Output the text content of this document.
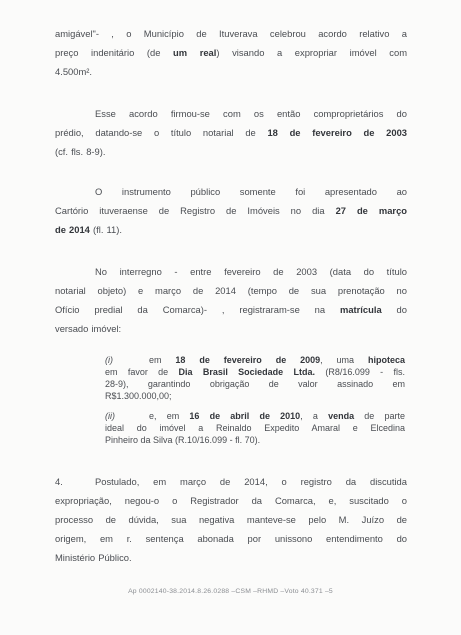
amigável"- , o Município de Ituverava celebrou acordo relativo a
preço indenitário (de um real) visando a expropriar imóvel com
4.500m².
Esse acordo firmou-se com os então comproprietários do
prédio, datando-se o título notarial de 18 de fevereiro de 2003
(cf. fls. 8-9).
O instrumento público somente foi apresentado ao
Cartório ituveraense de Registro de Imóveis no dia 27 de março
de 2014 (fl. 11).
No interregno - entre fevereiro de 2003 (data do título
notarial objeto) e março de 2014 (tempo de sua prenotação no
Ofício predial da Comarca)- , registraram-se na matrícula do
versado imóvel:
(i)	em 18 de fevereiro de 2009, uma hipoteca
em favor de Dia Brasil Sociedade Ltda. (R8/16.099 - fls.
28-9), garantindo obrigação de valor assinado em
R$1.300.000,00;
(ii)	e, em 16 de abril de 2010, a venda de parte
ideal do imóvel a Reinaldo Expedito Amaral e Elcedina
Pinheiro da Silva (R.10/16.099 - fl. 70).
4.	Postulado, em março de 2014, o registro da discutida
expropriação, negou-o o Registrador da Comarca, e, suscitado o
processo de dúvida, sua negativa manteve-se pelo M. Juízo de
origem, em r. sentença abonada por unissono entendimento do
Ministério Público.
Ap 0002140-38.2014.8.26.0288 –CSM –RHMD –Voto 40.371 –5
